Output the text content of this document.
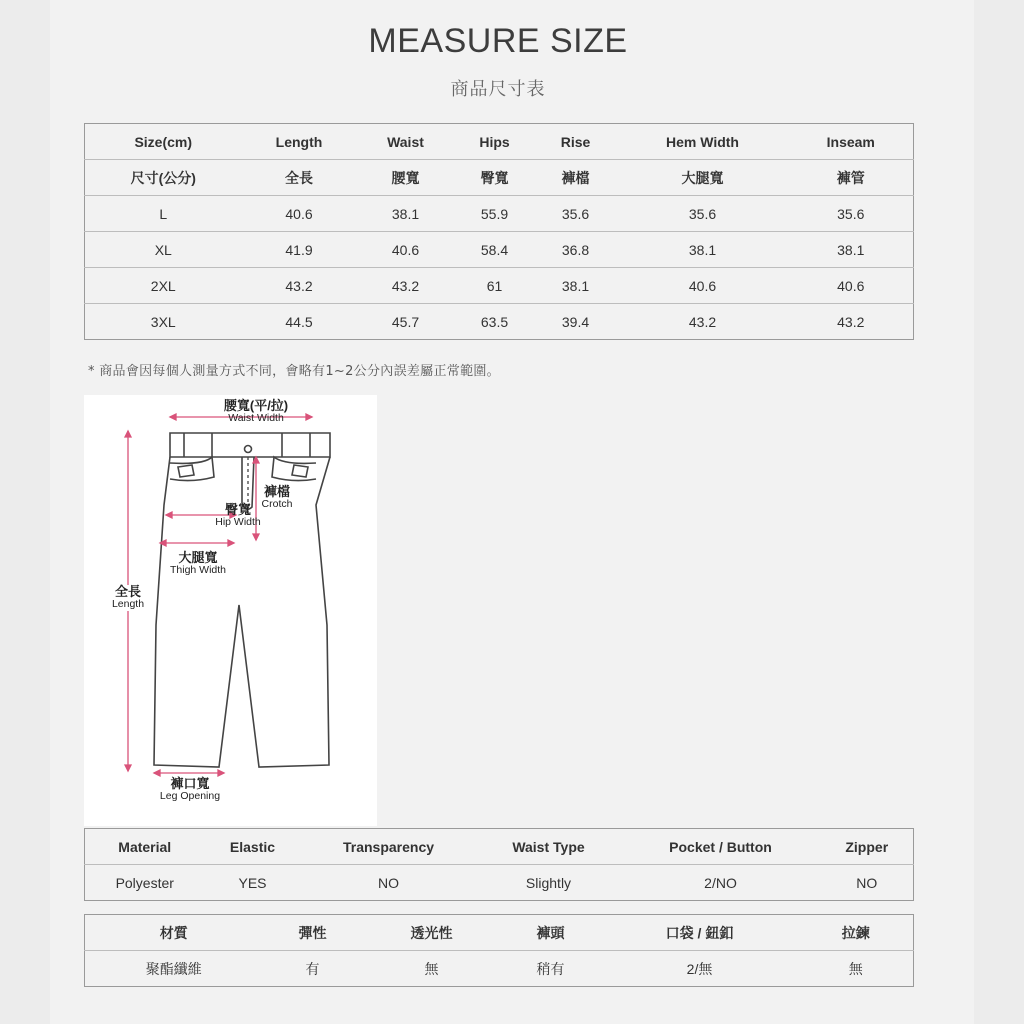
MEASURE SIZE
商品尺寸表
Size(cm)	Length	Waist	Hips	Rise	Hem Width	Inseam
尺寸(公分)	全長	腰寬	臀寬	褲檔	大腿寬	褲管
L	40.6	38.1	55.9	35.6	35.6	35.6
XL	41.9	40.6	58.4	36.8	38.1	38.1
2XL	43.2	43.2	61	38.1	40.6	40.6
3XL	44.5	45.7	63.5	39.4	43.2	43.2
* 商品會因每個人測量方式不同，會略有1~2公分內誤差屬正常範圍。
腰寬(平/拉)
Waist Width
褲檔
Crotch
臀寬
Hip Width
大腿寬
Thigh Width
全長
Length
褲口寬
Leg Opening
Material	Elastic	Transparency	Waist Type	Pocket / Button	Zipper
Polyester	YES	NO	Slightly	2/NO	NO
材質	彈性	透光性	褲頭	口袋 / 鈕釦	拉鍊
聚酯纖維	有	無	稍有	2/無	無
